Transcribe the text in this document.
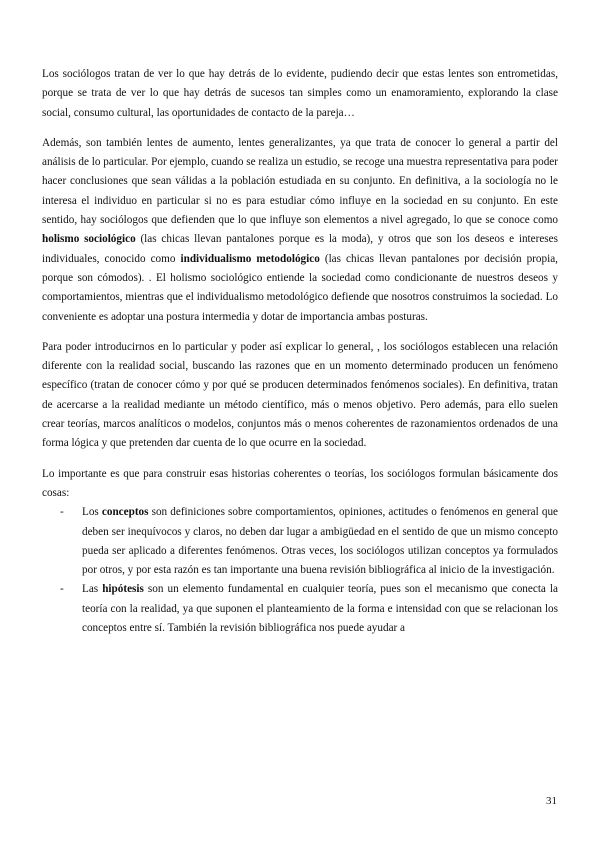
Los sociólogos tratan de ver lo que hay detrás de lo evidente, pudiendo decir que estas lentes son entrometidas, porque se trata de ver lo que hay detrás de sucesos tan simples como un enamoramiento, explorando la clase social, consumo cultural, las oportunidades de contacto de la pareja…

Además, son también lentes de aumento, lentes generalizantes, ya que trata de conocer lo general a partir del análisis de lo particular. Por ejemplo, cuando se realiza un estudio, se recoge una muestra representativa para poder hacer conclusiones que sean válidas a la población estudiada en su conjunto. En definitiva, a la sociología no le interesa el individuo en particular si no es para estudiar cómo influye en la sociedad en su conjunto. En este sentido, hay sociólogos que defienden que lo que influye son elementos a nivel agregado, lo que se conoce como holismo sociológico (las chicas llevan pantalones porque es la moda), y otros que son los deseos e intereses individuales, conocido como individualismo metodológico (las chicas llevan pantalones por decisión propia, porque son cómodos). . El holismo sociológico entiende la sociedad como condicionante de nuestros deseos y comportamientos, mientras que el individualismo metodológico defiende que nosotros construimos la sociedad. Lo conveniente es adoptar una postura intermedia y dotar de importancia ambas posturas.

Para poder introducirnos en lo particular y poder así explicar lo general, , los sociólogos establecen una relación diferente con la realidad social, buscando las razones que en un momento determinado producen un fenómeno específico (tratan de conocer cómo y por qué se producen determinados fenómenos sociales). En definitiva, tratan de acercarse a la realidad mediante un método científico, más o menos objetivo. Pero además, para ello suelen crear teorías, marcos analíticos o modelos, conjuntos más o menos coherentes de razonamientos ordenados de una forma lógica y que pretenden dar cuenta de lo que ocurre en la sociedad.

Lo importante es que para construir esas historias coherentes o teorías, los sociólogos formulan básicamente dos cosas:

- Los conceptos son definiciones sobre comportamientos, opiniones, actitudes o fenómenos en general que deben ser inequívocos y claros, no deben dar lugar a ambigüedad en el sentido de que un mismo concepto pueda ser aplicado a diferentes fenómenos. Otras veces, los sociólogos utilizan conceptos ya formulados por otros, y por esta razón es tan importante una buena revisión bibliográfica al inicio de la investigación.
- Las hipótesis son un elemento fundamental en cualquier teoría, pues son el mecanismo que conecta la teoría con la realidad, ya que suponen el planteamiento de la forma e intensidad con que se relacionan los conceptos entre sí. También la revisión bibliográfica nos puede ayudar a
31
